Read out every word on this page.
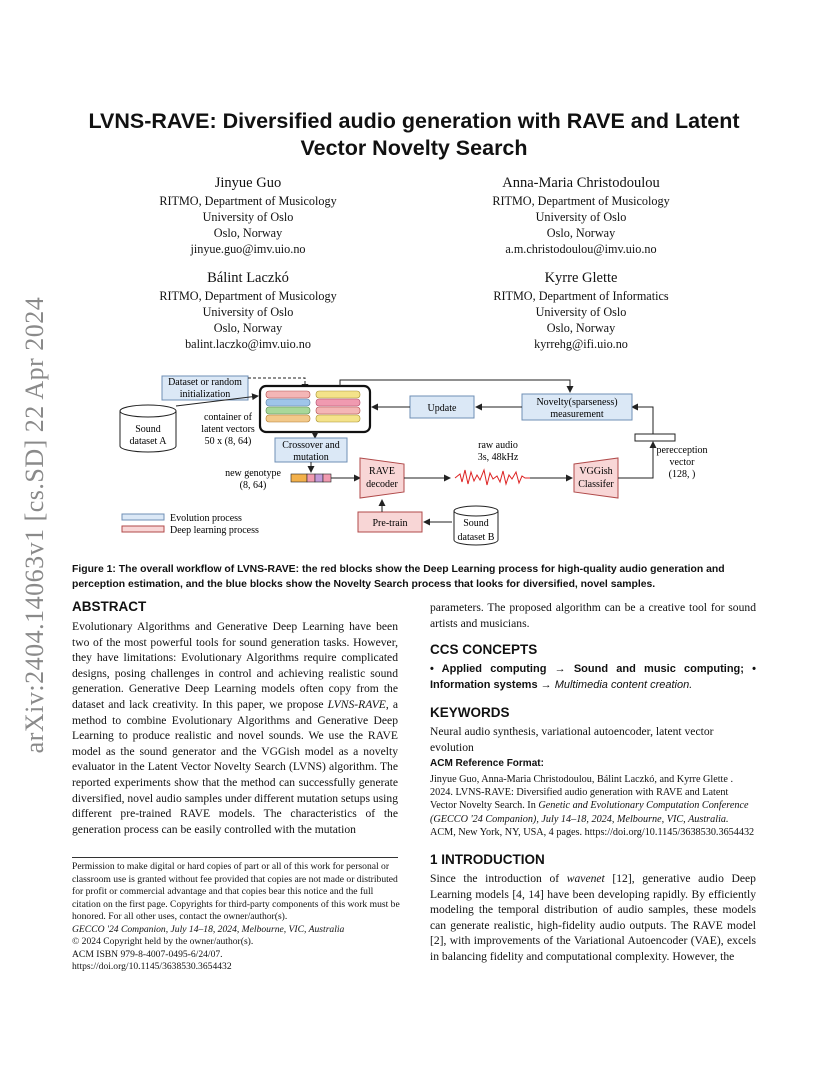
arXiv:2404.14063v1 [cs.SD] 22 Apr 2024
LVNS-RAVE: Diversified audio generation with RAVE and Latent Vector Novelty Search
Jinyue Guo
RITMO, Department of Musicology
University of Oslo
Oslo, Norway
jinyue.guo@imv.uio.no
Anna-Maria Christodoulou
RITMO, Department of Musicology
University of Oslo
Oslo, Norway
a.m.christodoulou@imv.uio.no
Bálint Laczkó
RITMO, Department of Musicology
University of Oslo
Oslo, Norway
balint.laczko@imv.uio.no
Kyrre Glette
RITMO, Department of Informatics
University of Oslo
Oslo, Norway
kyrrehg@ifi.uio.no
Dataset or random
initialization
Sound
dataset A
container of
latent vectors
50 x (8, 64)	Crossover and
mutation
new genotype
(8, 64)
RAVE
decoder
raw audio
3s, 48kHz
VGGish
Classifer
perecception
vector
(128, )
Novelty(sparseness)
measurement
Update
Pre-train	Sound
dataset B
Evolution process
Deep learning process
Figure 1: The overall workflow of LVNS-RAVE: the red blocks show the Deep Learning process for high-quality audio generation and perception estimation, and the blue blocks show the Novelty Search process that looks for diversified, novel samples.
ABSTRACT
Evolutionary Algorithms and Generative Deep Learning have been two of the most powerful tools for sound generation tasks. However, they have limitations: Evolutionary Algorithms require complicated designs, posing challenges in control and achieving realistic sound generation. Generative Deep Learning models often copy from the dataset and lack creativity. In this paper, we propose LVNS-RAVE, a method to combine Evolutionary Algorithms and Generative Deep Learning to produce realistic and novel sounds. We use the RAVE model as the sound generator and the VGGish model as a novelty evaluator in the Latent Vector Novelty Search (LVNS) algorithm. The reported experiments show that the method can successfully generate diversified, novel audio samples under different mutation setups using different pre-trained RAVE models. The characteristics of the generation process can be easily controlled with the mutation
Permission to make digital or hard copies of part or all of this work for personal or classroom use is granted without fee provided that copies are not made or distributed for profit or commercial advantage and that copies bear this notice and the full citation on the first page. Copyrights for third-party components of this work must be honored. For all other uses, contact the owner/author(s).
GECCO '24 Companion, July 14–18, 2024, Melbourne, VIC, Australia
© 2024 Copyright held by the owner/author(s).
ACM ISBN 979-8-4007-0495-6/24/07.
https://doi.org/10.1145/3638530.3654432
parameters. The proposed algorithm can be a creative tool for sound artists and musicians.
CCS CONCEPTS
• Applied computing → Sound and music computing; • Information systems → Multimedia content creation.
KEYWORDS
Neural audio synthesis, variational autoencoder, latent vector evolution
ACM Reference Format:
Jinyue Guo, Anna-Maria Christodoulou, Bálint Laczkó, and Kyrre Glette . 2024. LVNS-RAVE: Diversified audio generation with RAVE and Latent Vector Novelty Search. In Genetic and Evolutionary Computation Conference (GECCO '24 Companion), July 14–18, 2024, Melbourne, VIC, Australia. ACM, New York, NY, USA, 4 pages. https://doi.org/10.1145/3638530.3654432
1 INTRODUCTION
Since the introduction of wavenet [12], generative audio Deep Learning models [4, 14] have been developing rapidly. By efficiently modeling the temporal distribution of audio samples, these models can generate realistic, high-fidelity audio outputs. The RAVE model [2], with improvements of the Variational Autoencoder (VAE), excels in balancing fidelity and computational complexity. However, the
